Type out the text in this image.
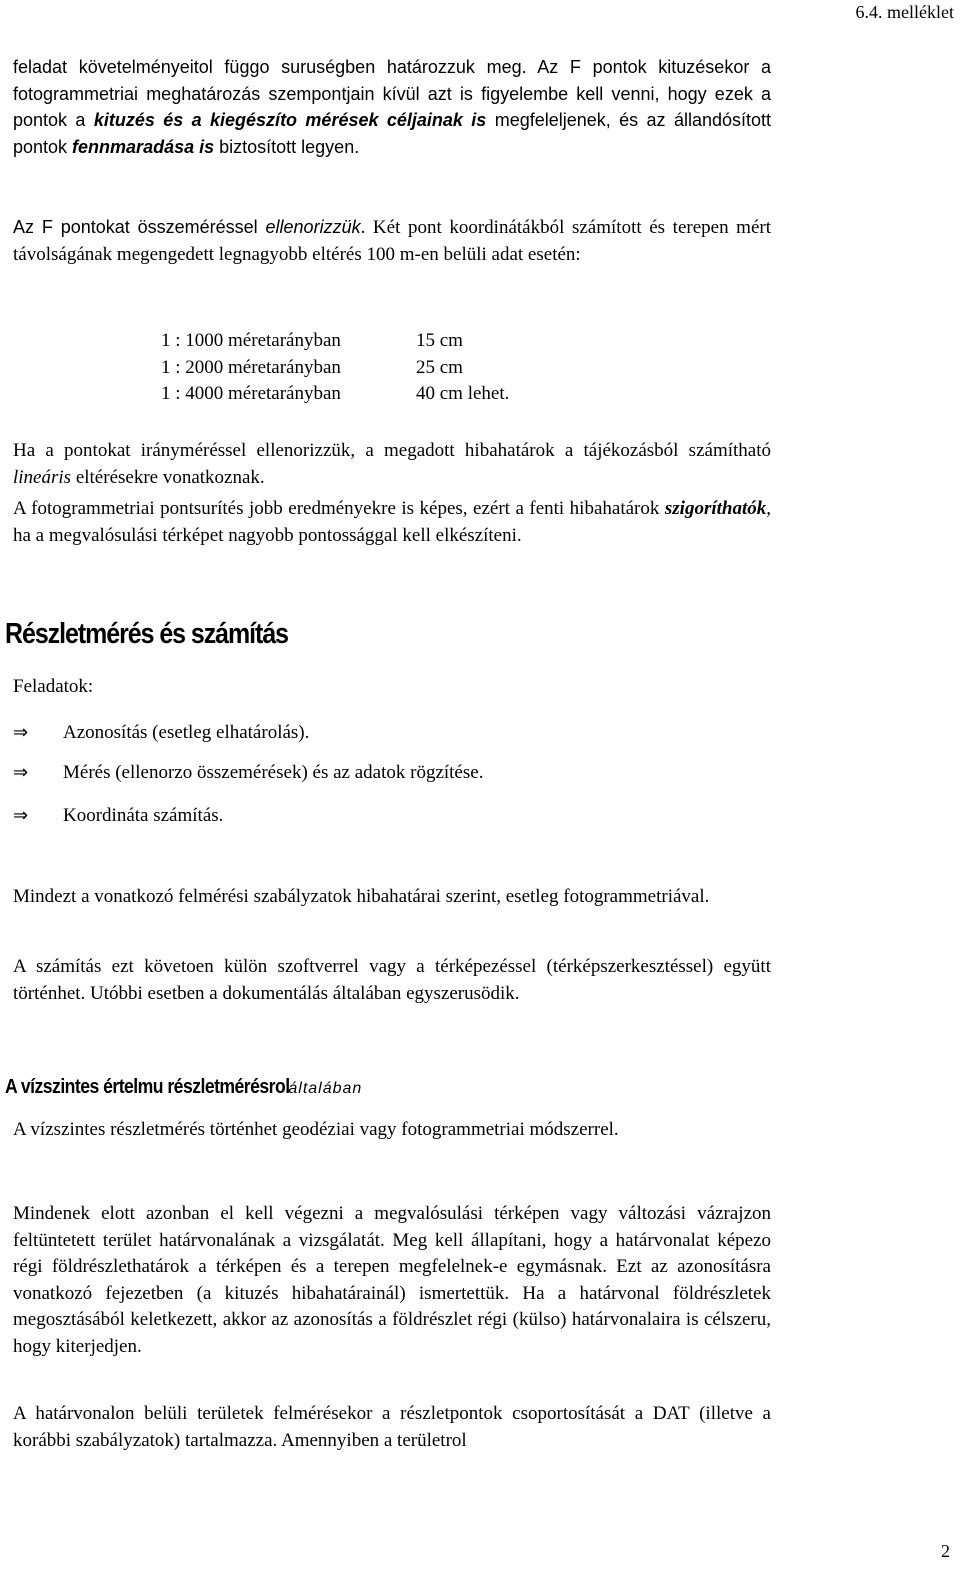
6.4. melléklet

feladat követelményeitol függo suruségben határozzuk meg. Az F pontok kituzésekor a fotogrammetriai meghatározás szempontjain kívül azt is figyelembe kell venni, hogy ezek a pontok a kituzés és a kiegészíto mérések céljainak is megfeleljenek, és az állandósított pontok fennmaradása is biztosított legyen.

Az F pontokat összeméréssel ellenorizzük. Két pont koordinátákból számított és terepen mért távolságának megengedett legnagyobb eltérés 100 m-en belüli adat esetén:

1 : 1000 méretarányban	15 cm
1 : 2000 méretarányban	25 cm
1 : 4000 méretarányban	40 cm lehet.

Ha a pontokat irányméréssel ellenorizzük, a megadott hibahatárok a tájékozásból számítható lineáris eltérésekre vonatkoznak.

A fotogrammetriai pontsurítés jobb eredményekre is képes, ezért a fenti hibahatárok szigoríthatók, ha a megvalósulási térképet nagyobb pontossággal kell elkészíteni.

Részletmérés és számítás
Feladatok:
⇒ Azonosítás (esetleg elhatárolás).
⇒ Mérés (ellenorzo összemérések) és az adatok rögzítése.
⇒ Koordináta számítás.

Mindezt a vonatkozó felmérési szabályzatok hibahatárai szerint, esetleg fotogrammetriával.

A számítás ezt követoen külön szoftverrel vagy a térképezéssel (térképszerkesztéssel) együtt történhet. Utóbbi esetben a dokumentálás általában egyszerusödik.

A vízszintes értelmu részletmérésroláltalában

A vízszintes részletmérés történhet geodéziai vagy fotogrammetriai módszerrel.

Mindenek elott azonban el kell végezni a megvalósulási térképen vagy változási vázrajzon feltüntetett terület határvonalának a vizsgálatát. Meg kell állapítani, hogy a határvonalat képezo régi földrészlethatárok a térképen és a terepen megfelelnek-e egymásnak. Ezt az azonosításra vonatkozó fejezetben (a kituzés hibahatárainál) ismertettük. Ha a határvonal földrészletek megosztásából keletkezett, akkor az azonosítás a földrészlet régi (külso) határvonalaira is célszeru, hogy kiterjedjen.

A határvonalon belüli területek felmérésekor a részletpontok csoportosítását a DAT (illetve a korábbi szabályzatok) tartalmazza. Amennyiben a területrol

2
